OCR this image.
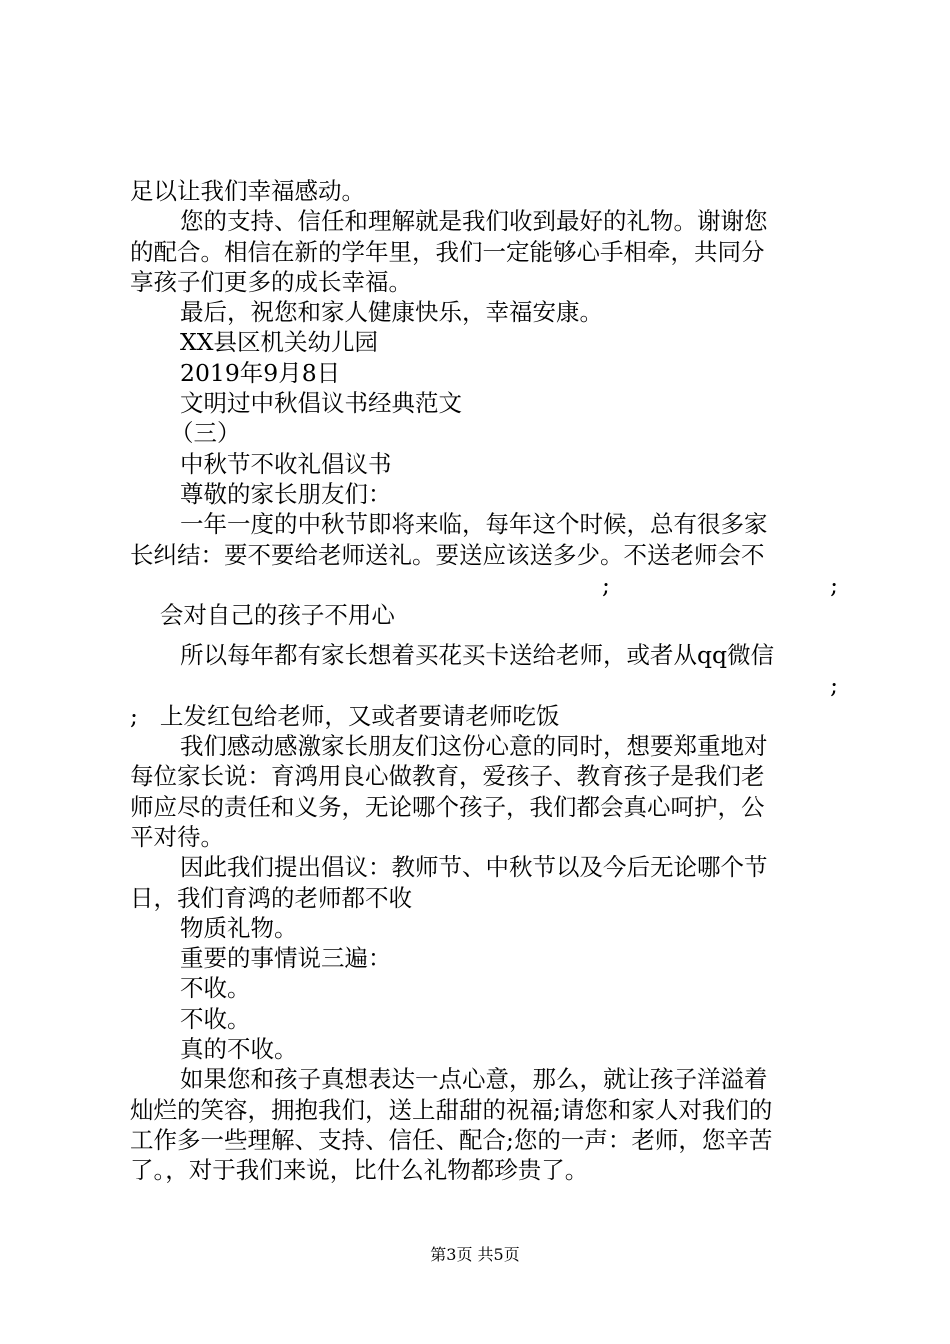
足以让我们幸福感动。
您的支持、信任和理解就是我们收到最好的礼物。谢谢您
的配合。相信在新的学年里，我们一定能够心手相牵，共同分
享孩子们更多的成长幸福。
最后，祝您和家人健康快乐，幸福安康。
XX县区机关幼儿园
2019年9月8日
文明过中秋倡议书经典范文
（三）
中秋节不收礼倡议书
尊敬的家长朋友们：
一年一度的中秋节即将来临，每年这个时候，总有很多家
长纠结：要不要给老师送礼。要送应该送多少。不送老师会不

会对自己的孩子不用心

;

	;

所以每年都有家长想着买花买卡送给老师，或者从qq微信

上发红包给老师，又或者要请老师吃饭

;

;
我们感动感激家长朋友们这份心意的同时，想要郑重地对
每位家长说：育鸿用良心做教育，爱孩子、教育孩子是我们老
师应尽的责任和义务，无论哪个孩子，我们都会真心呵护，公
平对待。
因此我们提出倡议：教师节、中秋节以及今后无论哪个节
日，我们育鸿的老师都不收
物质礼物。
重要的事情说三遍：
不收。
不收。
真的不收。
如果您和孩子真想表达一点心意，那么，就让孩子洋溢着
灿烂的笑容，拥抱我们，送上甜甜的祝福;请您和家人对我们的
工作多一些理解、支持、信任、配合;您的一声：老师，您辛苦
了。，对于我们来说，比什么礼物都珍贵了。
第3页 共5页
